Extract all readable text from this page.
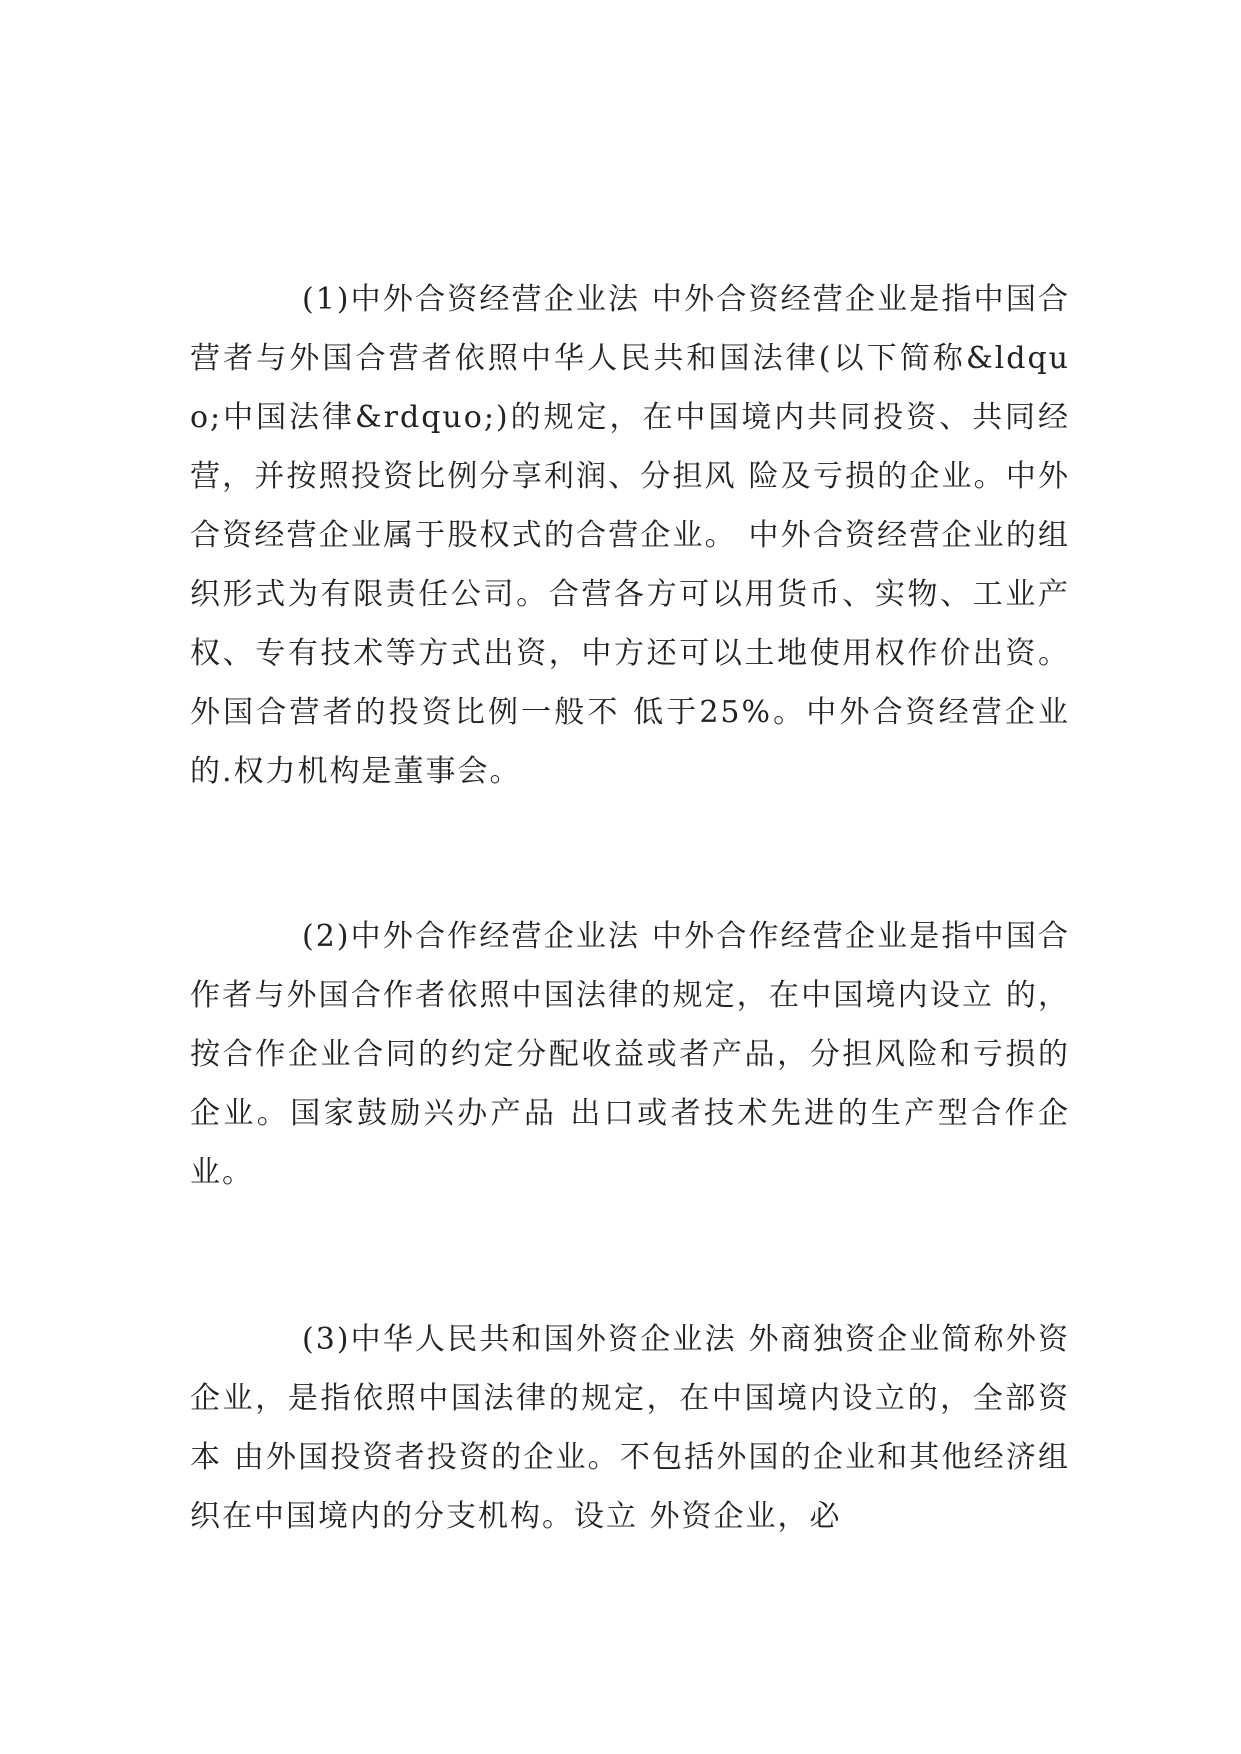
(1)中外合资经营企业法 中外合资经营企业是指中国合营者与外国合营者依照中华人民共和国法律(以下简称&ldquo;中国法律&rdquo;)的规定，在中国境内共同投资、共同经营，并按照投资比例分享利润、分担风 险及亏损的企业。中外合资经营企业属于股权式的合营企业。 中外合资经营企业的组织形式为有限责任公司。合营各方可以用货币、实物、工业产 权、专有技术等方式出资，中方还可以土地使用权作价出资。外国合营者的投资比例一般不 低于25%。中外合资经营企业的.权力机构是董事会。

(2)中外合作经营企业法 中外合作经营企业是指中国合作者与外国合作者依照中国法律的规定，在中国境内设立 的，按合作企业合同的约定分配收益或者产品，分担风险和亏损的企业。国家鼓励兴办产品 出口或者技术先进的生产型合作企业。

(3)中华人民共和国外资企业法 外商独资企业简称外资企业，是指依照中国法律的规定，在中国境内设立的，全部资本 由外国投资者投资的企业。不包括外国的企业和其他经济组织在中国境内的分支机构。设立 外资企业，必
